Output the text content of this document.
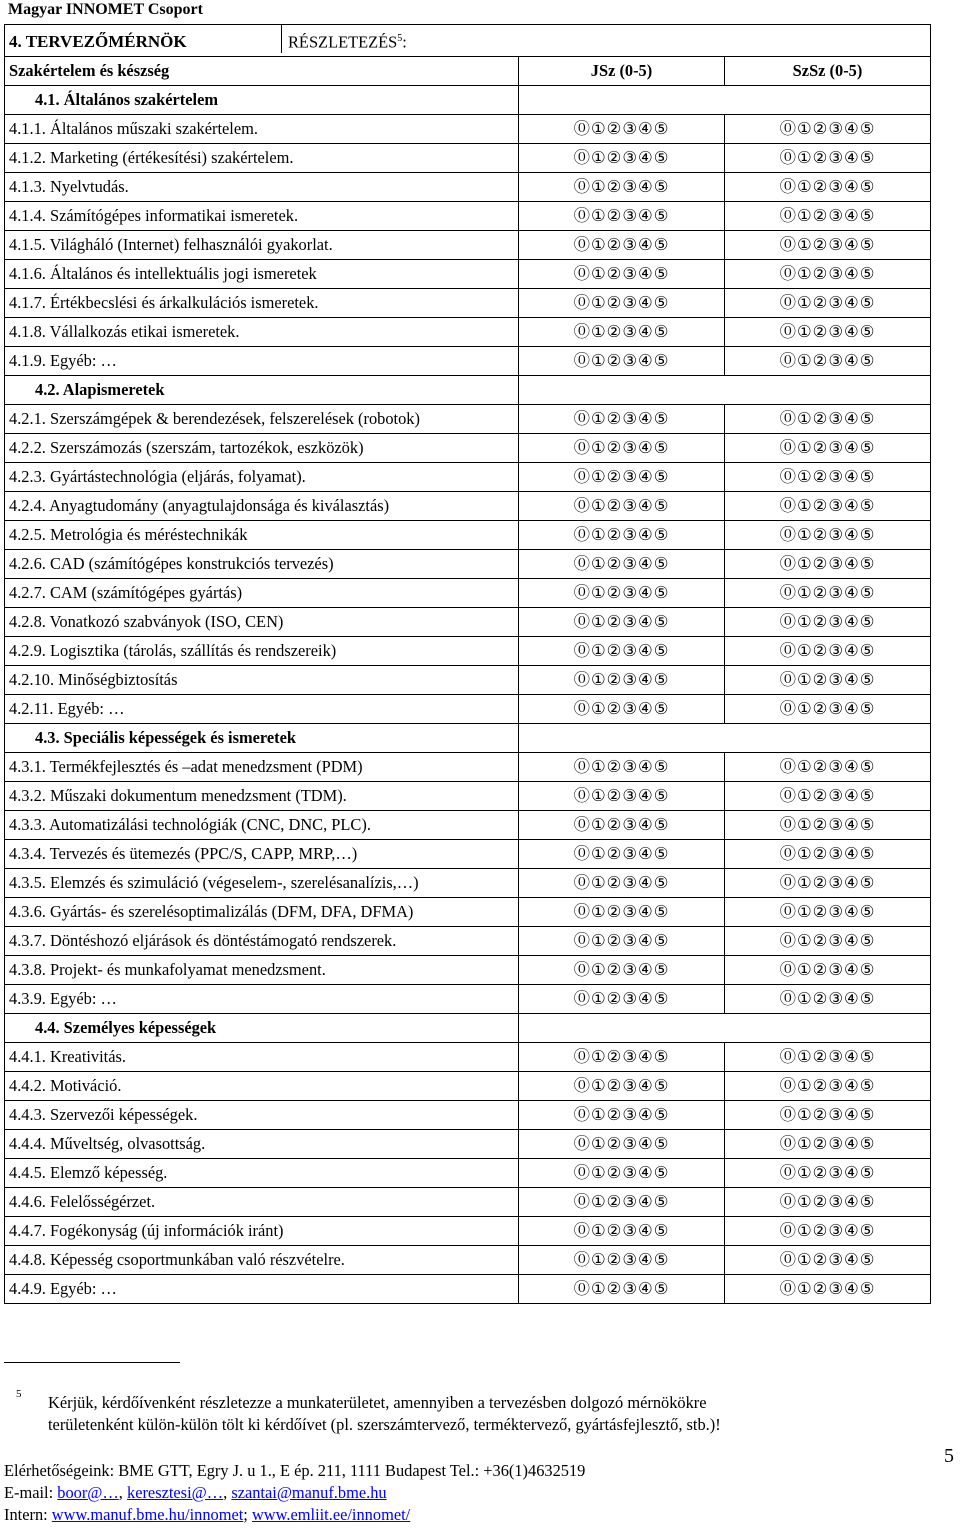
Magyar INNOMET Csoport
4. TERVEZŐMÉRNÖK RÉSZLETEZÉS$^5$:		
Szakértelem és készség	JSz (0-5)	SzSz (0-5)
4.1. Általános szakértelem		
4.1.1. Általános műszaki szakértelem.	⓪①②③④⑤	⓪①②③④⑤
4.1.2. Marketing (értékesítési) szakértelem.	⓪①②③④⑤	⓪①②③④⑤
4.1.3. Nyelvtudás.	⓪①②③④⑤	⓪①②③④⑤
4.1.4. Számítógépes informatikai ismeretek.	⓪①②③④⑤	⓪①②③④⑤
4.1.5. Világháló (Internet) felhasználói gyakorlat.	⓪①②③④⑤	⓪①②③④⑤
4.1.6. Általános és intellektuális jogi ismeretek	⓪①②③④⑤	⓪①②③④⑤
4.1.7. Értékbecslési és árkalkulációs ismeretek.	⓪①②③④⑤	⓪①②③④⑤
4.1.8. Vállalkozás etikai ismeretek.	⓪①②③④⑤	⓪①②③④⑤
4.1.9. Egyéb: …	⓪①②③④⑤	⓪①②③④⑤
4.2. Alapismeretek		
4.2.1. Szerszámgépek & berendezések, felszerelések (robotok)	⓪①②③④⑤	⓪①②③④⑤
4.2.2. Szerszámozás (szerszám, tartozékok, eszközök)	⓪①②③④⑤	⓪①②③④⑤
4.2.3. Gyártástechnológia (eljárás, folyamat).	⓪①②③④⑤	⓪①②③④⑤
4.2.4. Anyagtudomány (anyagtulajdonsága és kiválasztás)	⓪①②③④⑤	⓪①②③④⑤
4.2.5. Metrológia és méréstechnikák	⓪①②③④⑤	⓪①②③④⑤
4.2.6. CAD (számítógépes konstrukciós tervezés)	⓪①②③④⑤	⓪①②③④⑤
4.2.7. CAM (számítógépes gyártás)	⓪①②③④⑤	⓪①②③④⑤
4.2.8. Vonatkozó szabványok (ISO, CEN)	⓪①②③④⑤	⓪①②③④⑤
4.2.9. Logisztika (tárolás, szállítás és rendszereik)	⓪①②③④⑤	⓪①②③④⑤
4.2.10. Minőségbiztosítás	⓪①②③④⑤	⓪①②③④⑤
4.2.11. Egyéb: …	⓪①②③④⑤	⓪①②③④⑤
4.3. Speciális képességek és ismeretek		
4.3.1. Termékfejlesztés és –adat menedzsment (PDM)	⓪①②③④⑤	⓪①②③④⑤
4.3.2. Műszaki dokumentum menedzsment (TDM).	⓪①②③④⑤	⓪①②③④⑤
4.3.3. Automatizálási technológiák (CNC, DNC, PLC).	⓪①②③④⑤	⓪①②③④⑤
4.3.4. Tervezés és ütemezés (PPC/S, CAPP, MRP,…)	⓪①②③④⑤	⓪①②③④⑤
4.3.5. Elemzés és szimuláció (végeselem-, szerelésanalízis,…)	⓪①②③④⑤	⓪①②③④⑤
4.3.6. Gyártás- és szerelésoptimalizálás (DFM, DFA, DFMA)	⓪①②③④⑤	⓪①②③④⑤
4.3.7. Döntéshozó eljárások és döntéstámogató rendszerek.	⓪①②③④⑤	⓪①②③④⑤
4.3.8. Projekt- és munkafolyamat menedzsment.	⓪①②③④⑤	⓪①②③④⑤
4.3.9. Egyéb: …	⓪①②③④⑤	⓪①②③④⑤
4.4. Személyes képességek		
4.4.1. Kreativitás.	⓪①②③④⑤	⓪①②③④⑤
4.4.2. Motiváció.	⓪①②③④⑤	⓪①②③④⑤
4.4.3. Szervezői képességek.	⓪①②③④⑤	⓪①②③④⑤
4.4.4. Műveltség, olvasottság.	⓪①②③④⑤	⓪①②③④⑤
4.4.5. Elemző képesség.	⓪①②③④⑤	⓪①②③④⑤
4.4.6. Felelősségérzet.	⓪①②③④⑤	⓪①②③④⑤
4.4.7. Fogékonyság (új információk iránt)	⓪①②③④⑤	⓪①②③④⑤
4.4.8. Képesség csoportmunkában való részvételre.	⓪①②③④⑤	⓪①②③④⑤
4.4.9. Egyéb: …	⓪①②③④⑤	⓪①②③④⑤
5 Kérjük, kérdőívenként részletezze a munkaterületet, amennyiben a tervezésben dolgozó mérnökökre
területenként külön-külön tölt ki kérdőívet (pl. szerszámtervező, terméktervező, gyártásfejlesztő, stb.)!
5
Elérhetőségeink: BME GTT, Egry J. u 1., E ép. 211, 1111 Budapest Tel.: +36(1)4632519
E-mail: boor@…, keresztesi@…, szantai@manuf.bme.hu
Intern: www.manuf.bme.hu/innomet; www.emliit.ee/innomet/
